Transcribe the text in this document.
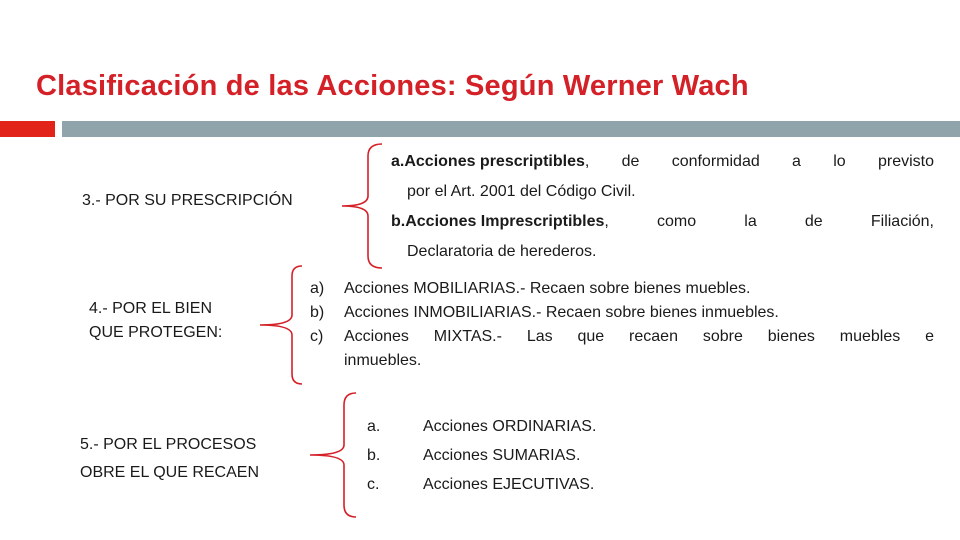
Clasificación de las Acciones: Según Werner Wach
3.- POR SU PRESCRIPCIÓN
a.Acciones prescriptibles , de conformidad a lo previsto
por el Art. 2001 del Código Civil.
b.Acciones Imprescriptibles , como la de Filiación,
Declaratoria de herederos.
4.- POR EL BIEN
QUE PROTEGEN:
a)	Acciones MOBILIARIAS.- Recaen sobre bienes muebles.
b)	Acciones INMOBILIARIAS.- Recaen sobre bienes inmuebles.
c)	Acciones MIXTAS.- Las que recaen sobre bienes muebles e
inmuebles.
5.- POR EL PROCESOS
OBRE EL QUE RECAEN
a.	Acciones ORDINARIAS.
b.	Acciones SUMARIAS.
c.	Acciones EJECUTIVAS.
